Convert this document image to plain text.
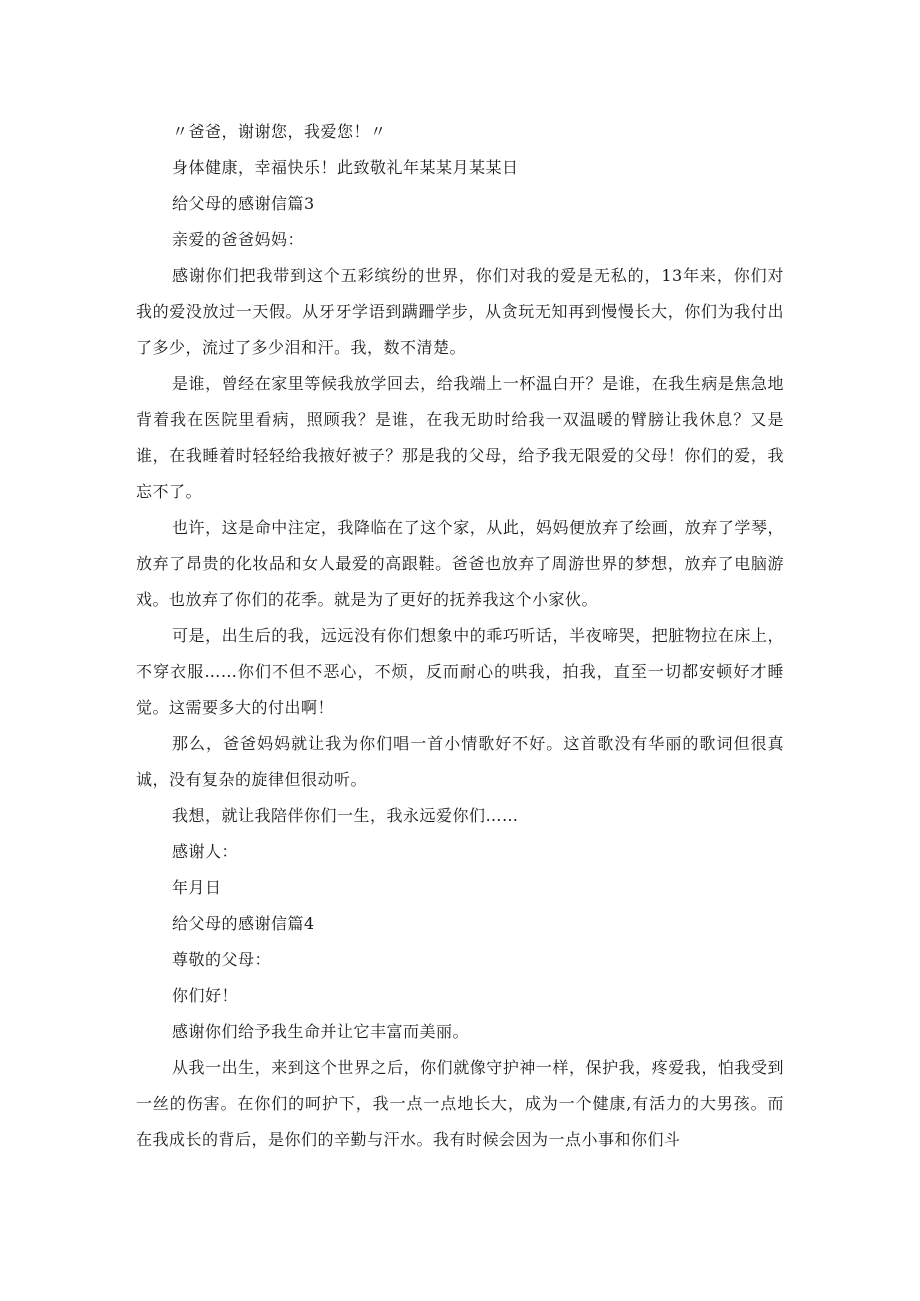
〃爸爸，谢谢您，我爱您！〃

身体健康，幸福快乐！此致敬礼年某某月某某日

给父母的感谢信篇3

亲爱的爸爸妈妈：

感谢你们把我带到这个五彩缤纷的世界，你们对我的爱是无私的，13年来，你们对我的爱没放过一天假。从牙牙学语到蹒跚学步，从贪玩无知再到慢慢长大，你们为我付出了多少，流过了多少泪和汗。我，数不清楚。

是谁，曾经在家里等候我放学回去，给我端上一杯温白开？是谁，在我生病是焦急地背着我在医院里看病，照顾我？是谁，在我无助时给我一双温暖的臂膀让我休息？又是谁，在我睡着时轻轻给我掖好被子？那是我的父母，给予我无限爱的父母！你们的爱，我忘不了。

也许，这是命中注定，我降临在了这个家，从此，妈妈便放弃了绘画，放弃了学琴，放弃了昂贵的化妆品和女人最爱的高跟鞋。爸爸也放弃了周游世界的梦想，放弃了电脑游戏。也放弃了你们的花季。就是为了更好的抚养我这个小家伙。

可是，出生后的我，远远没有你们想象中的乖巧听话，半夜啼哭，把脏物拉在床上，不穿衣服……你们不但不恶心，不烦，反而耐心的哄我，拍我，直至一切都安顿好才睡觉。这需要多大的付出啊！

那么，爸爸妈妈就让我为你们唱一首小情歌好不好。这首歌没有华丽的歌词但很真诚，没有复杂的旋律但很动听。

我想，就让我陪伴你们一生，我永远爱你们……

感谢人：

年月日

给父母的感谢信篇4

尊敬的父母：

你们好！

感谢你们给予我生命并让它丰富而美丽。

从我一出生，来到这个世界之后，你们就像守护神一样，保护我，疼爱我，怕我受到一丝的伤害。在你们的呵护下，我一点一点地长大，成为一个健康,有活力的大男孩。而在我成长的背后，是你们的辛勤与汗水。我有时候会因为一点小事和你们斗
